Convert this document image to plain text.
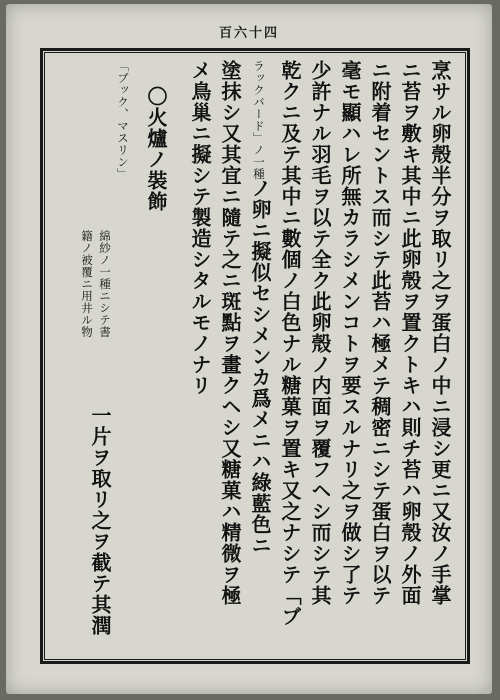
百六十四
烹サル卵殼半分ヲ取リ之ヲ蛋白ノ中ニ浸シ更ニ又汝ノ手掌
ニ苔ヲ敷キ其中ニ此卵殼ヲ置クトキハ則チ苔ハ卵殼ノ外面
ニ附着セントス而シテ此苔ハ極メテ稠密ニシテ蛋白ヲ以テ
毫モ顯ハレ所無カラシメンコトヲ要スルナリ之ヲ做シ了テ
少許ナル羽毛ヲ以テ全ク此卵殼ノ内面ヲ覆フヘシ而シテ其
乾クニ及テ其中ニ數個ノ白色ナル糖菓ヲ置キ又之ナシテ「ブ
ラックバード」ノ一種
ノ卵ニ擬似セシメンカ爲メニハ綠藍色ニ
塗抹シ又其宜ニ隨テ之ニ斑點ヲ畫クヘシ又糖菓ハ精微ヲ極
メ鳥巢ニ擬シテ製造シタルモノナリ
〇火爐ノ裝飾
「ブック、マスリン」
綿紗ノ一種ニシテ書
籍ノ被覆ニ用井ル物
一片ヲ取リ之ヲ截テ其潤
